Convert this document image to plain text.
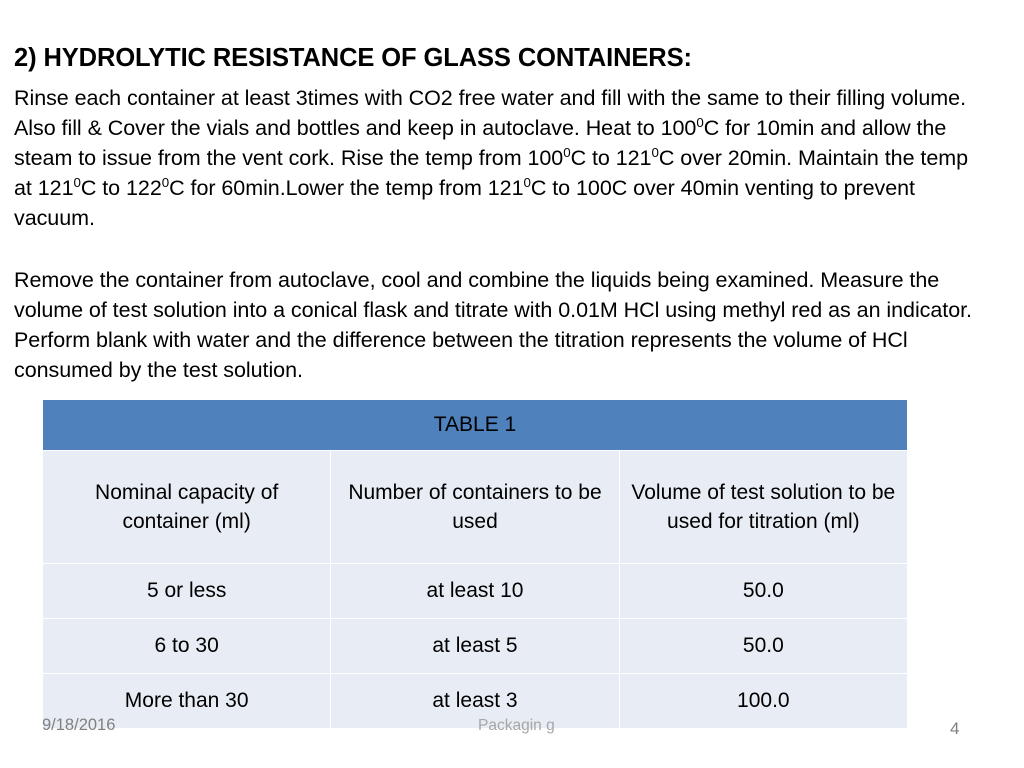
2) HYDROLYTIC RESISTANCE OF GLASS CONTAINERS:
Rinse each container at least 3times with CO2 free water and fill with the same to their filling volume. Also fill & Cover the vials and bottles and keep in autoclave. Heat to $100^0C$ for 10min and allow the steam to issue from the vent cork. Rise the temp from $100^0C$ to $121^0C$ over 20min. Maintain the temp at $121^0C$ to $122^0C$ for 60min.Lower the temp from $121^0C$ to 100C over 40min venting to prevent vacuum.
Remove the container from autoclave, cool and combine the liquids being examined. Measure the volume of test solution into a conical flask and titrate with 0.01M HCl using methyl red as an indicator. Perform blank with water and the difference between the titration represents the volume of HCl consumed by the test solution.
TABLE 1		
Nominal capacity of container (ml)	Number of containers to be used	Volume of test solution to be used for titration (ml)
5 or less	at least 10	50.0
6 to 30	at least 5	50.0
More than 30	at least 3	100.0
9/18/2016	Packagin g	4
